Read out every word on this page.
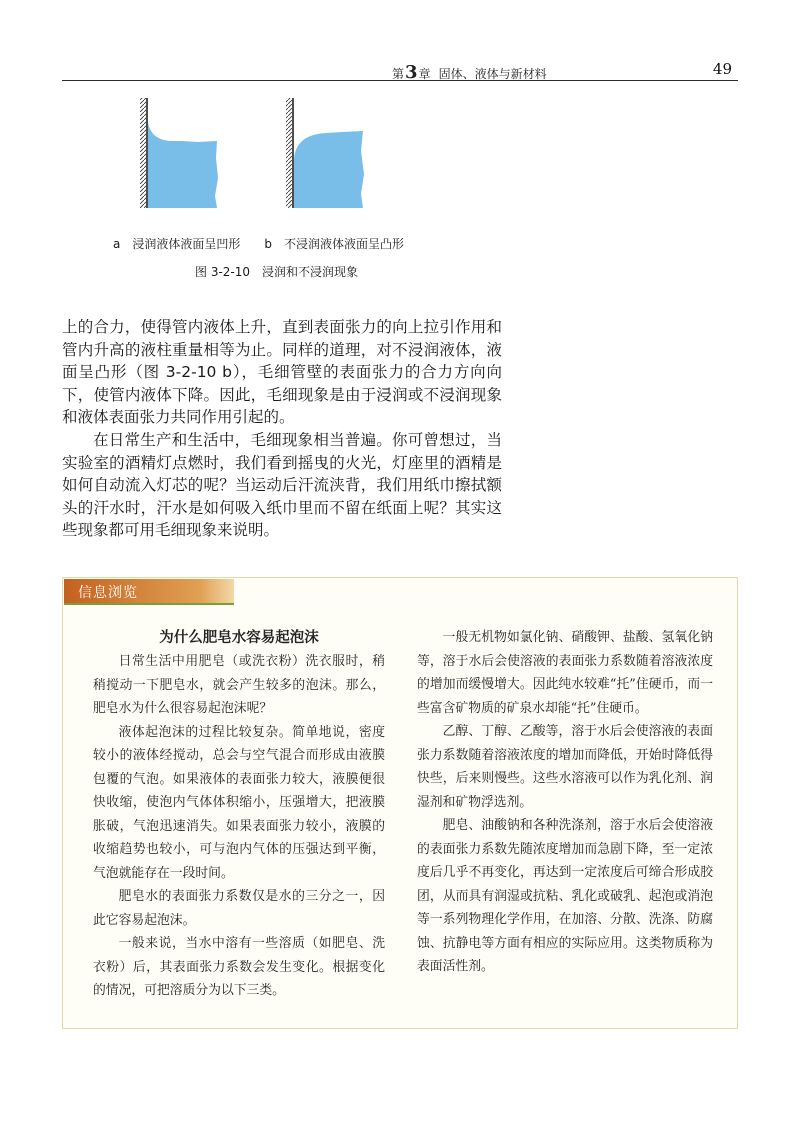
第3章 固体、液体与新材料	49
a　浸润液体液面呈凹形 b　不浸润液体液面呈凸形
图 3-2-10　浸润和不浸润现象

上的合力，使得管内液体上升，直到表面张力的向上拉引作用和管内升高的液柱重量相等为止。同样的道理，对不浸润液体，液面呈凸形（图 3-2-10 b），毛细管壁的表面张力的合力方向向下，使管内液体下降。因此，毛细现象是由于浸润或不浸润现象和液体表面张力共同作用引起的。

在日常生产和生活中，毛细现象相当普遍。你可曾想过，当实验室的酒精灯点燃时，我们看到摇曳的火光，灯座里的酒精是如何自动流入灯芯的呢？当运动后汗流浃背，我们用纸巾擦拭额头的汗水时，汗水是如何吸入纸巾里而不留在纸面上呢？其实这些现象都可用毛细现象来说明。

信息浏览

为什么肥皂水容易起泡沫

日常生活中用肥皂（或洗衣粉）洗衣服时，稍稍搅动一下肥皂水，就会产生较多的泡沫。那么，肥皂水为什么很容易起泡沫呢？

液体起泡沫的过程比较复杂。简单地说，密度较小的液体经搅动，总会与空气混合而形成由液膜包覆的气泡。如果液体的表面张力较大，液膜便很快收缩，使泡内气体体积缩小，压强增大，把液膜胀破，气泡迅速消失。如果表面张力较小，液膜的收缩趋势也较小，可与泡内气体的压强达到平衡，气泡就能存在一段时间。

肥皂水的表面张力系数仅是水的三分之一，因此它容易起泡沫。

一般来说，当水中溶有一些溶质（如肥皂、洗衣粉）后，其表面张力系数会发生变化。根据变化的情况，可把溶质分为以下三类。

一般无机物如氯化钠、硝酸钾、盐酸、氢氧化钠等，溶于水后会使溶液的表面张力系数随着溶液浓度的增加而缓慢增大。因此纯水较难“托”住硬币，而一些富含矿物质的矿泉水却能“托”住硬币。

乙醇、丁醇、乙酸等，溶于水后会使溶液的表面张力系数随着溶液浓度的增加而降低，开始时降低得快些，后来则慢些。这些水溶液可以作为乳化剂、润湿剂和矿物浮选剂。

肥皂、油酸钠和各种洗涤剂，溶于水后会使溶液的表面张力系数先随浓度增加而急剧下降，至一定浓度后几乎不再变化，再达到一定浓度后可缔合形成胶团，从而具有润湿或抗粘、乳化或破乳、起泡或消泡等一系列物理化学作用，在加溶、分散、洗涤、防腐蚀、抗静电等方面有相应的实际应用。这类物质称为表面活性剂。
